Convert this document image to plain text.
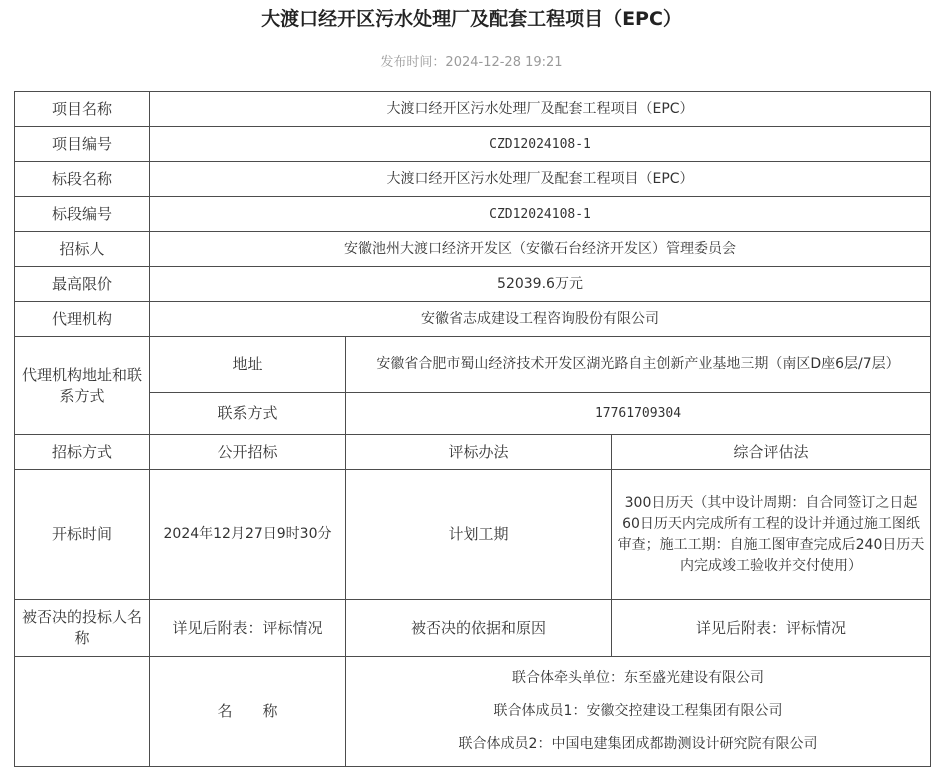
大渡口经开区污水处理厂及配套工程项目（EPC）
发布时间：2024-12-28 19:21
项目名称	大渡口经开区污水处理厂及配套工程项目（EPC）		
项目编号	CZD12024108-1		
标段名称	大渡口经开区污水处理厂及配套工程项目（EPC）		
标段编号	CZD12024108-1		
招标人	安徽池州大渡口经济开发区（安徽石台经济开发区）管理委员会		
最高限价	52039.6万元		
代理机构	安徽省志成建设工程咨询股份有限公司		
代理机构地址和联系方式	地址	安徽省合肥市蜀山经济技术开发区湖光路自主创新产业基地三期（南区D座6层/7层）	
	联系方式	17761709304	
招标方式	公开招标	评标办法	综合评估法
开标时间	2024年12月27日9时30分	计划工期	300日历天（其中设计周期：自合同签订之日起60日历天内完成所有工程的设计并通过施工图纸审查；施工工期：自施工图审查完成后240日历天内完成竣工验收并交付使用）
被否决的投标人名称	详见后附表：评标情况	被否决的依据和原因	详见后附表：评标情况
	名　　称	联合体牵头单位：东至盛光建设有限公司

联合体成员1：安徽交控建设工程集团有限公司

联合体成员2：中国电建集团成都勘测设计研究院有限公司	
